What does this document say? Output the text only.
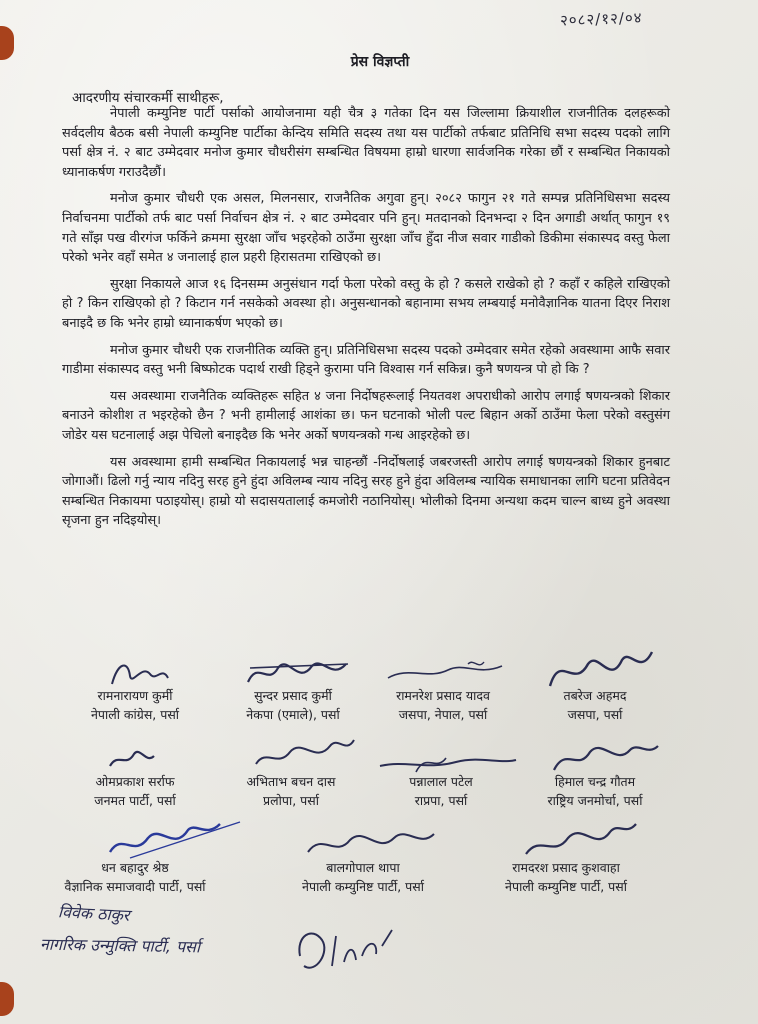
२०८२/१२/०४
प्रेस विज्ञप्ती
आदरणीय संचारकर्मी साथीहरू,

नेपाली कम्युनिष्ट पार्टी पर्साको आयोजनामा यही चैत्र ३ गतेका दिन यस जिल्लामा क्रियाशील राजनीतिक दलहरूको सर्वदलीय बैठक बसी नेपाली कम्युनिष्ट पार्टीका केन्दिय समिति सदस्य तथा यस पार्टीको तर्फबाट प्रतिनिधि सभा सदस्य पदको लागि पर्सा क्षेत्र नं. २ बाट उम्मेदवार मनोज कुमार चौधरीसंग सम्बन्धित विषयमा हाम्रो धारणा सार्वजनिक गरेका छौं र सम्बन्धित निकायको ध्यानाकर्षण गराउदैछौं।

मनोज कुमार चौधरी एक असल, मिलनसार, राजनैतिक अगुवा हुन्। २०८२ फागुन २१ गते सम्पन्न प्रतिनिधिसभा सदस्य निर्वाचनमा पार्टीको तर्फ बाट पर्सा निर्वाचन क्षेत्र नं. २ बाट उम्मेदवार पनि हुन्। मतदानको दिनभन्दा २ दिन अगाडी अर्थात् फागुन १९ गते साँझ पख वीरगंज फर्किने क्रममा सुरक्षा जाँच भइरहेको ठाउँमा सुरक्षा जाँच हुँदा नीज सवार गाडीको डिकीमा संकास्पद वस्तु फेला परेको भनेर वहाँ समेत ४ जनालाई हाल प्रहरी हिरासतमा राखिएको छ।

सुरक्षा निकायले आज १६ दिनसम्म अनुसंधान गर्दा फेला परेको वस्तु के हो ? कसले राखेको हो ? कहाँ र कहिले राखिएको हो ? किन राखिएको हो ? किटान गर्न नसकेको अवस्था हो। अनुसन्धानको बहानामा सभय लम्बयाई मनोवैज्ञानिक यातना दिएर निराश बनाइदै छ कि भनेर हाम्रो ध्यानाकर्षण भएको छ।

मनोज कुमार चौधरी एक राजनीतिक व्यक्ति हुन्। प्रतिनिधिसभा सदस्य पदको उम्मेदवार समेत रहेको अवस्थामा आफै सवार गाडीमा संकास्पद वस्तु भनी बिष्फोटक पदार्थ राखी हिड्ने कुरामा पनि विश्वास गर्न सकिन्न। कुनै षणयन्त्र पो हो कि ?

यस अवस्थामा राजनैतिक व्यक्तिहरू सहित ४ जना निर्दोषहरूलाई नियतवश अपराधीको आरोप लगाई षणयन्त्रको शिकार बनाउने कोशीश त भइरहेको छैन ? भनी हामीलाई आशंका छ। फन घटनाको भोली पल्ट बिहान अर्को ठाउँमा फेला परेको वस्तुसंग जोडेर यस घटनालाई अझ पेचिलो बनाइदैछ कि भनेर अर्को षणयन्त्रको गन्ध आइरहेको छ।

यस अवस्थामा हामी सम्बन्धित निकायलाई भन्न चाहन्छौं -निर्दोषलाई जबरजस्ती आरोप लगाई षणयन्त्रको शिकार हुनबाट जोगाऔं। ढिलो गर्नु न्याय नदिनु सरह हुने हुंदा अविलम्ब न्याय नदिनु सरह हुने हुंदा अविलम्ब न्यायिक समाधानका लागि घटना प्रतिवेदन सम्बन्धित निकायमा पठाइयोस्। हाम्रो यो सदासयतालाई कमजोरी नठानियोस्। भोलीको दिनमा अन्यथा कदम चाल्न बाध्य हुने अवस्था सृजना हुन नदिइयोस्।

रामनारायण कुर्मी
नेपाली कांग्रेस, पर्सा
सुन्दर प्रसाद कुर्मी
नेकपा (एमाले), पर्सा
रामनरेश प्रसाद यादव
जसपा, नेपाल, पर्सा
तबरेज अहमद
जसपा, पर्सा
ओमप्रकाश सर्राफ
जनमत पार्टी, पर्सा
अभिताभ बचन दास
प्रलोपा, पर्सा
पन्नालाल पटेल
राप्रपा, पर्सा
हिमाल चन्द्र गौतम
राष्ट्रिय जनमोर्चा, पर्सा
धन बहादुर श्रेष्ठ
वैज्ञानिक समाजवादी पार्टी, पर्सा
बालगोपाल थापा
नेपाली कम्युनिष्ट पार्टी, पर्सा
रामदरश प्रसाद कुशवाहा
नेपाली कम्युनिष्ट पार्टी, पर्सा
विवेक ठाकुर
नागरिक उन्मुक्ति पार्टी, पर्सा
